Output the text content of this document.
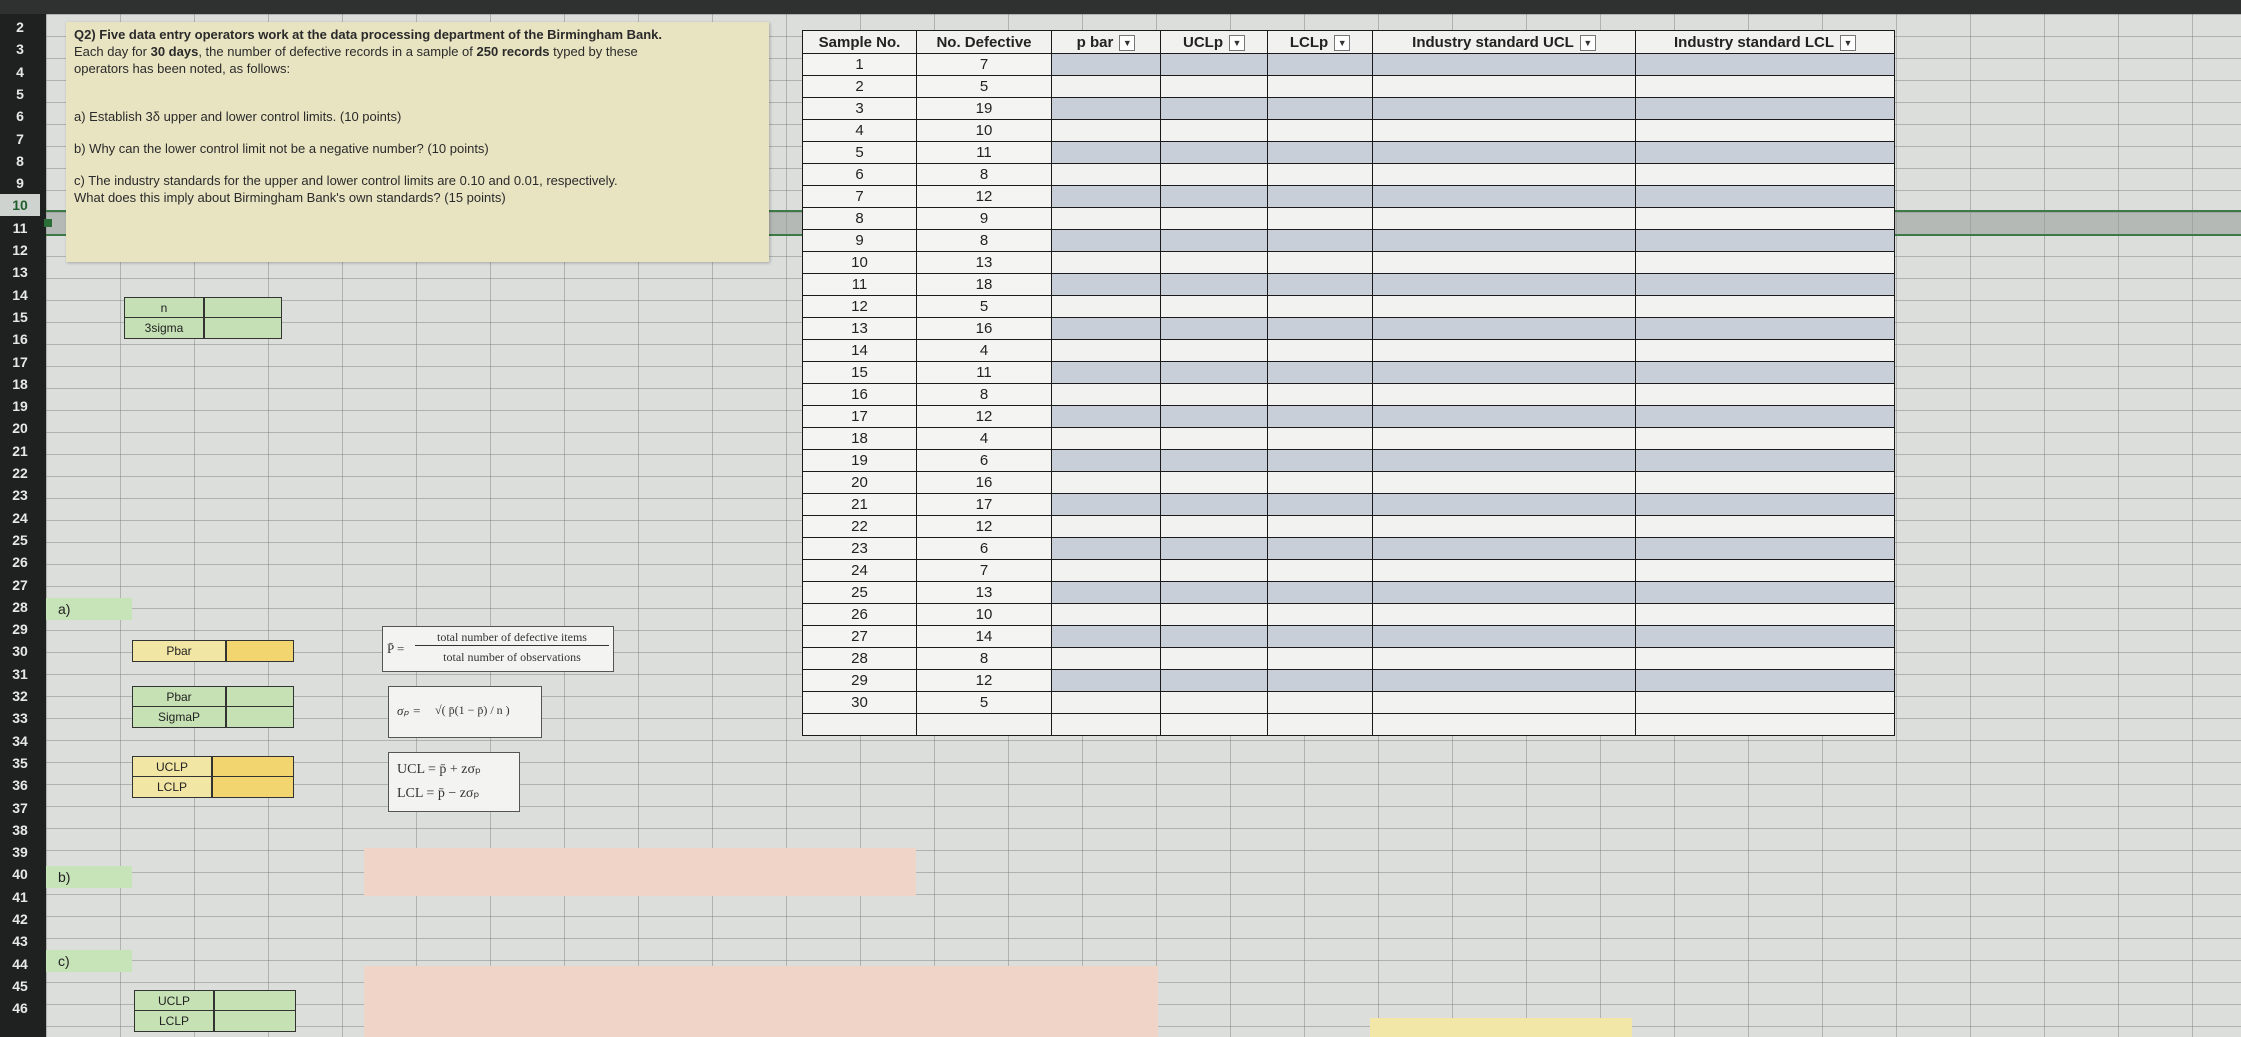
2
3
4
5
6
7
8
9
10
11
12
13
14
15
16
17
18
19
20
21
22
23
24
25
26
27
28
29
30
31
32
33
34
35
36
37
38
39
40
41
42
43
44
45
46

Q2) Five data entry operators work at the data processing department of the Birmingham Bank.

Each day for 30 days, the number of defective records in a sample of 250 records typed by these

operators has been noted, as follows:

a) Establish 3δ upper and lower control limits. (10 points)

b) Why can the lower control limit not be a negative number? (10 points)

c) The industry standards for the upper and lower control limits are 0.10 and 0.01, respectively.

What does this imply about Birmingham Bank's own standards? (15 points)

Sample No.	No. Defective	p bar ▼	UCLp ▼	LCLp ▼	Industry standard UCL ▼	Industry standard LCL ▼
1	7					
2	5					
3	19					
4	10					
5	11					
6	8					
7	12					
8	9					
9	8					
10	13					
11	18					
12	5					
13	16					
14	4					
15	11					
16	8					
17	12					
18	4					
19	6					
20	16					
21	17					
22	12					
23	6					
24	7					
25	13					
26	10					
27	14					
28	8					
29	12					
30	5					

n
3sigma
a)
b)
c)
Pbar
Pbar
SigmaP
UCLP
LCLP
UCLP
LCLP
P̄ =
total number of defective items
total number of observations
σₚ = √( p̄(1 − p̄) / n )
UCL = p̄ + zσₚ
LCL = p̄ − zσₚ
